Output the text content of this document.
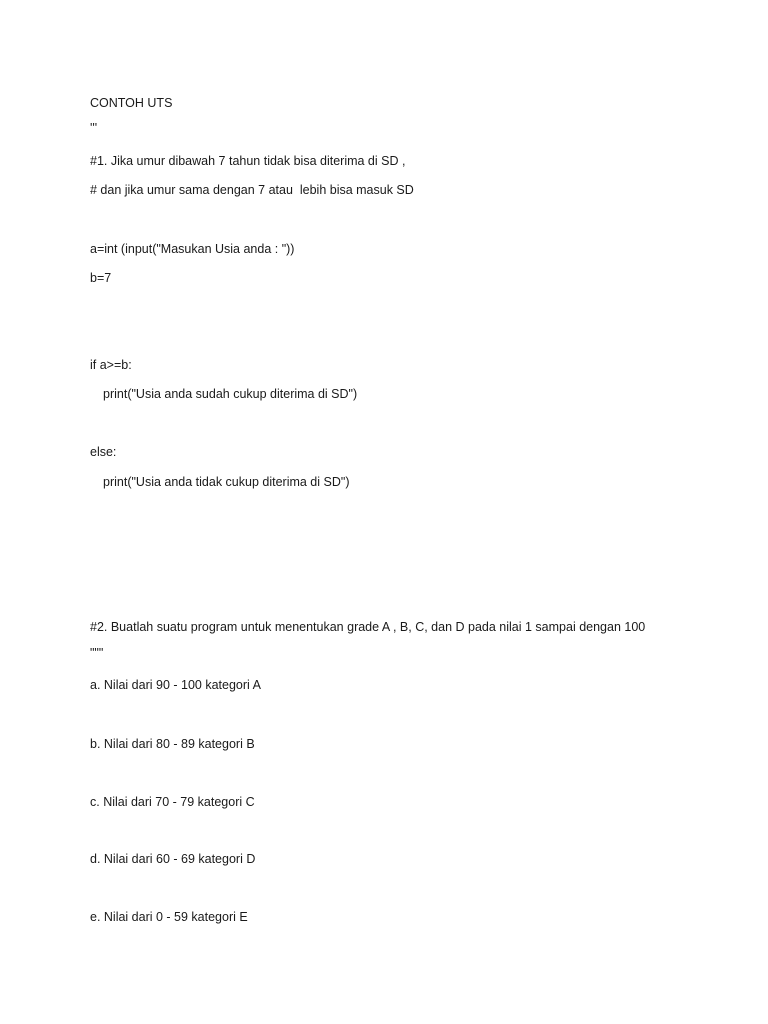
CONTOH UTS
'''
#1. Jika umur dibawah 7 tahun tidak bisa diterima di SD ,
# dan jika umur sama dengan 7 atau  lebih bisa masuk SD
a=int (input("Masukan Usia anda : "))
b=7
if a>=b:
print("Usia anda sudah cukup diterima di SD")
else:
print("Usia anda tidak cukup diterima di SD")
#2. Buatlah suatu program untuk menentukan grade A , B, C, dan D pada nilai 1 sampai dengan 100
"""
a. Nilai dari 90 - 100 kategori A
b. Nilai dari 80 - 89 kategori B
c. Nilai dari 70 - 79 kategori C
d. Nilai dari 60 - 69 kategori D
e. Nilai dari 0 - 59 kategori E
